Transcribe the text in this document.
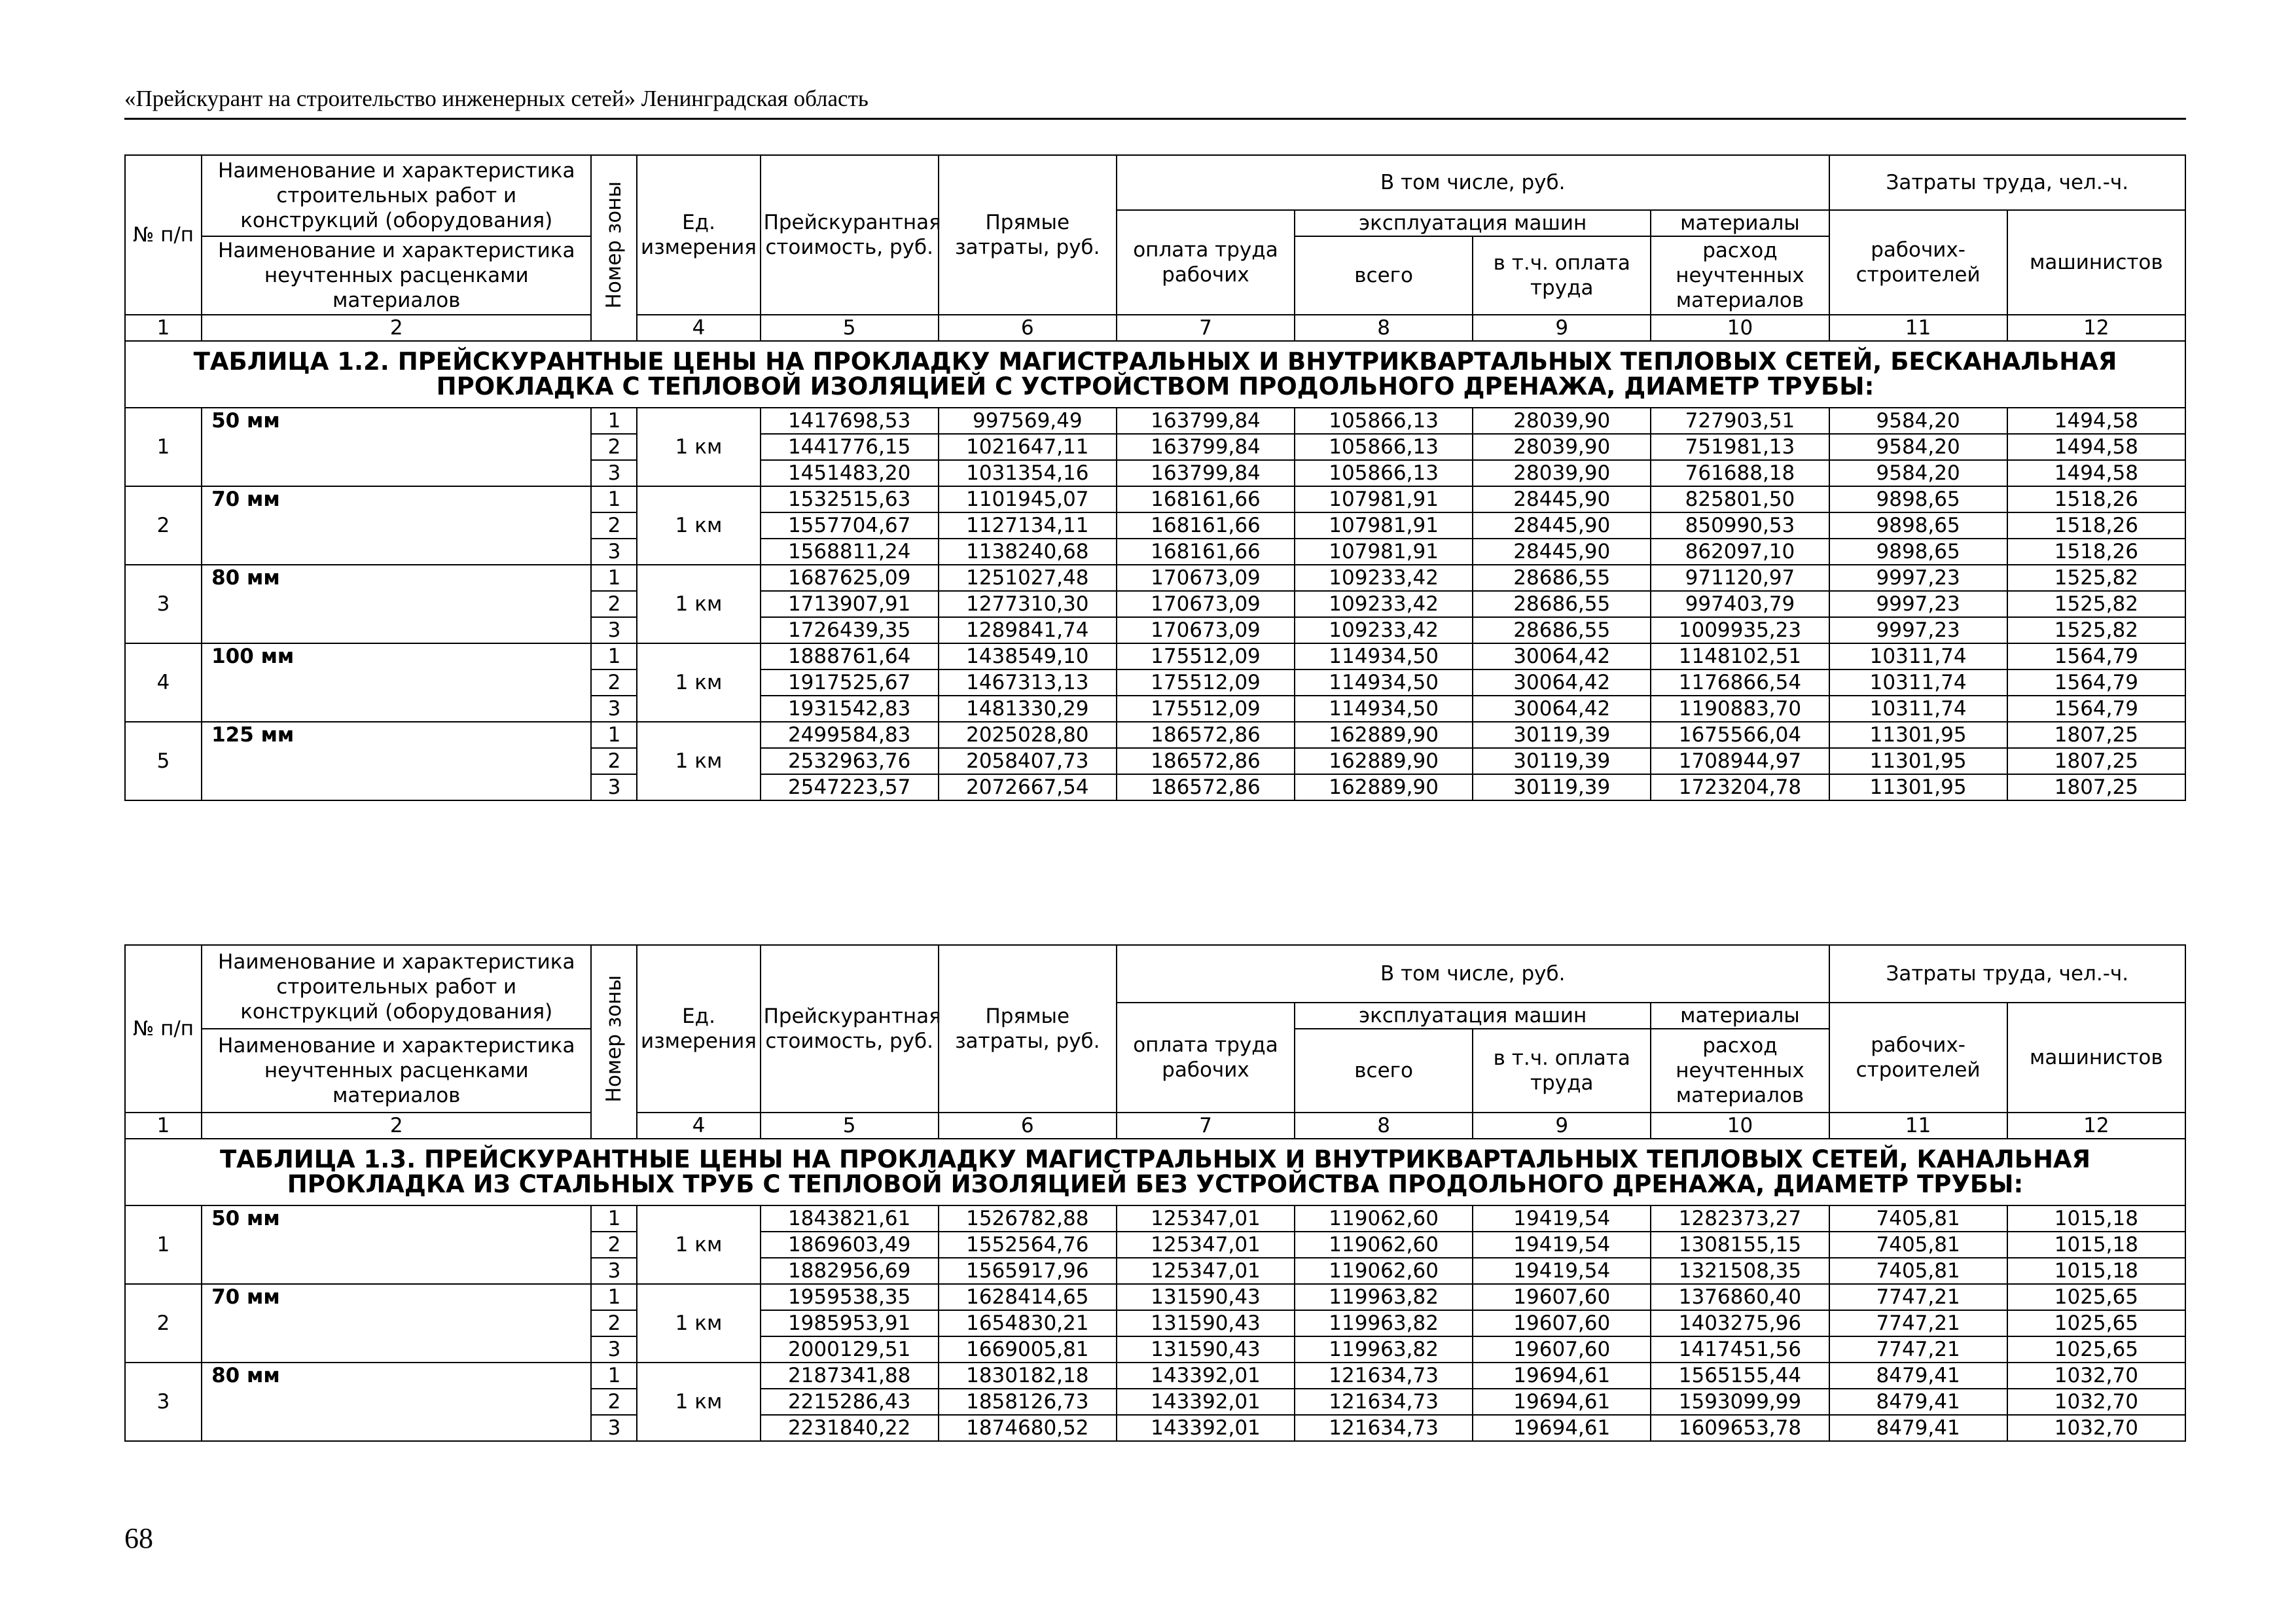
«Прейскурант на строительство инженерных сетей» Ленинградская область
№ п/п	Наименование и характеристика строительных работ и конструкций (оборудования)	Номер зоны	Ед. измерения	Прейскурантная стоимость, руб.	Прямые затраты, руб.	В том числе, руб.				Затраты труда, чел.-ч.	
						оплата труда рабочих	эксплуатация машин		материалы	рабочих-строителей	машинистов
	Наименование и характеристика неучтенных расценками материалов						всего	в т.ч. оплата труда	расход неучтенных материалов		
1	2		4	5	6	7	8	9	10	11	12
ТАБЛИЦА 1.2. ПРЕЙСКУРАНТНЫЕ ЦЕНЫ НА ПРОКЛАДКУ МАГИСТРАЛЬНЫХ И ВНУТРИКВАРТАЛЬНЫХ ТЕПЛОВЫХ СЕТЕЙ, БЕСКАНАЛЬНАЯ ПРОКЛАДКА С ТЕПЛОВОЙ ИЗОЛЯЦИЕЙ С УСТРОЙСТВОМ ПРОДОЛЬНОГО ДРЕНАЖА, ДИАМЕТР ТРУБЫ:											
1	50 мм	1	1 км	1417698,53	997569,49	163799,84	105866,13	28039,90	727903,51	9584,20	1494,58
		2		1441776,15	1021647,11	163799,84	105866,13	28039,90	751981,13	9584,20	1494,58
		3		1451483,20	1031354,16	163799,84	105866,13	28039,90	761688,18	9584,20	1494,58
2	70 мм	1	1 км	1532515,63	1101945,07	168161,66	107981,91	28445,90	825801,50	9898,65	1518,26
		2		1557704,67	1127134,11	168161,66	107981,91	28445,90	850990,53	9898,65	1518,26
		3		1568811,24	1138240,68	168161,66	107981,91	28445,90	862097,10	9898,65	1518,26
3	80 мм	1	1 км	1687625,09	1251027,48	170673,09	109233,42	28686,55	971120,97	9997,23	1525,82
		2		1713907,91	1277310,30	170673,09	109233,42	28686,55	997403,79	9997,23	1525,82
		3		1726439,35	1289841,74	170673,09	109233,42	28686,55	1009935,23	9997,23	1525,82
4	100 мм	1	1 км	1888761,64	1438549,10	175512,09	114934,50	30064,42	1148102,51	10311,74	1564,79
		2		1917525,67	1467313,13	175512,09	114934,50	30064,42	1176866,54	10311,74	1564,79
		3		1931542,83	1481330,29	175512,09	114934,50	30064,42	1190883,70	10311,74	1564,79
5	125 мм	1	1 км	2499584,83	2025028,80	186572,86	162889,90	30119,39	1675566,04	11301,95	1807,25
		2		2532963,76	2058407,73	186572,86	162889,90	30119,39	1708944,97	11301,95	1807,25
		3		2547223,57	2072667,54	186572,86	162889,90	30119,39	1723204,78	11301,95	1807,25
№ п/п	Наименование и характеристика строительных работ и конструкций (оборудования)	Номер зоны	Ед. измерения	Прейскурантная стоимость, руб.	Прямые затраты, руб.	В том числе, руб.				Затраты труда, чел.-ч.	
						оплата труда рабочих	эксплуатация машин		материалы	рабочих-строителей	машинистов
	Наименование и характеристика неучтенных расценками материалов						всего	в т.ч. оплата труда	расход неучтенных материалов		
1	2		4	5	6	7	8	9	10	11	12
ТАБЛИЦА 1.3. ПРЕЙСКУРАНТНЫЕ ЦЕНЫ НА ПРОКЛАДКУ МАГИСТРАЛЬНЫХ И ВНУТРИКВАРТАЛЬНЫХ ТЕПЛОВЫХ СЕТЕЙ, КАНАЛЬНАЯ ПРОКЛАДКА ИЗ СТАЛЬНЫХ ТРУБ С ТЕПЛОВОЙ ИЗОЛЯЦИЕЙ БЕЗ УСТРОЙСТВА ПРОДОЛЬНОГО ДРЕНАЖА, ДИАМЕТР ТРУБЫ:											
1	50 мм	1	1 км	1843821,61	1526782,88	125347,01	119062,60	19419,54	1282373,27	7405,81	1015,18
		2		1869603,49	1552564,76	125347,01	119062,60	19419,54	1308155,15	7405,81	1015,18
		3		1882956,69	1565917,96	125347,01	119062,60	19419,54	1321508,35	7405,81	1015,18
2	70 мм	1	1 км	1959538,35	1628414,65	131590,43	119963,82	19607,60	1376860,40	7747,21	1025,65
		2		1985953,91	1654830,21	131590,43	119963,82	19607,60	1403275,96	7747,21	1025,65
		3		2000129,51	1669005,81	131590,43	119963,82	19607,60	1417451,56	7747,21	1025,65
3	80 мм	1	1 км	2187341,88	1830182,18	143392,01	121634,73	19694,61	1565155,44	8479,41	1032,70
		2		2215286,43	1858126,73	143392,01	121634,73	19694,61	1593099,99	8479,41	1032,70
		3		2231840,22	1874680,52	143392,01	121634,73	19694,61	1609653,78	8479,41	1032,70
68
